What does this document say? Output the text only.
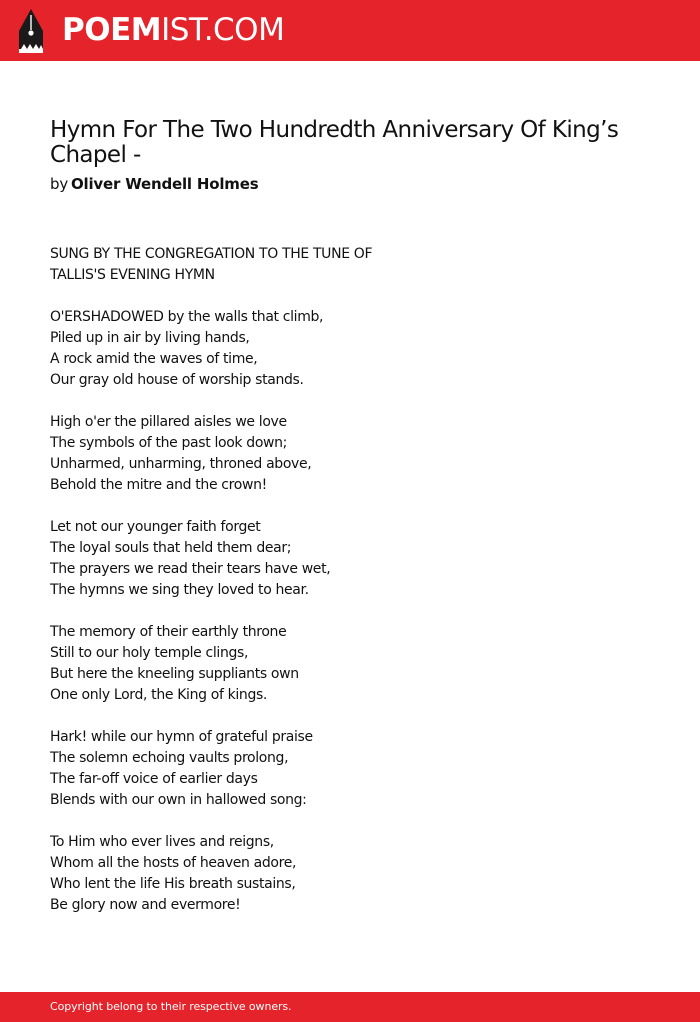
POEMIST.COM
Hymn For The Two Hundredth Anniversary Of King’s Chapel -
by Oliver Wendell Holmes
SUNG BY THE CONGREGATION TO THE TUNE OF
TALLIS'S EVENING HYMN
O'ERSHADOWED by the walls that climb,
Piled up in air by living hands,
A rock amid the waves of time,
Our gray old house of worship stands.
High o'er the pillared aisles we love
The symbols of the past look down;
Unharmed, unharming, throned above,
Behold the mitre and the crown!
Let not our younger faith forget
The loyal souls that held them dear;
The prayers we read their tears have wet,
The hymns we sing they loved to hear.
The memory of their earthly throne
Still to our holy temple clings,
But here the kneeling suppliants own
One only Lord, the King of kings.
Hark! while our hymn of grateful praise
The solemn echoing vaults prolong,
The far-off voice of earlier days
Blends with our own in hallowed song:
To Him who ever lives and reigns,
Whom all the hosts of heaven adore,
Who lent the life His breath sustains,
Be glory now and evermore!
Copyright belong to their respective owners.
